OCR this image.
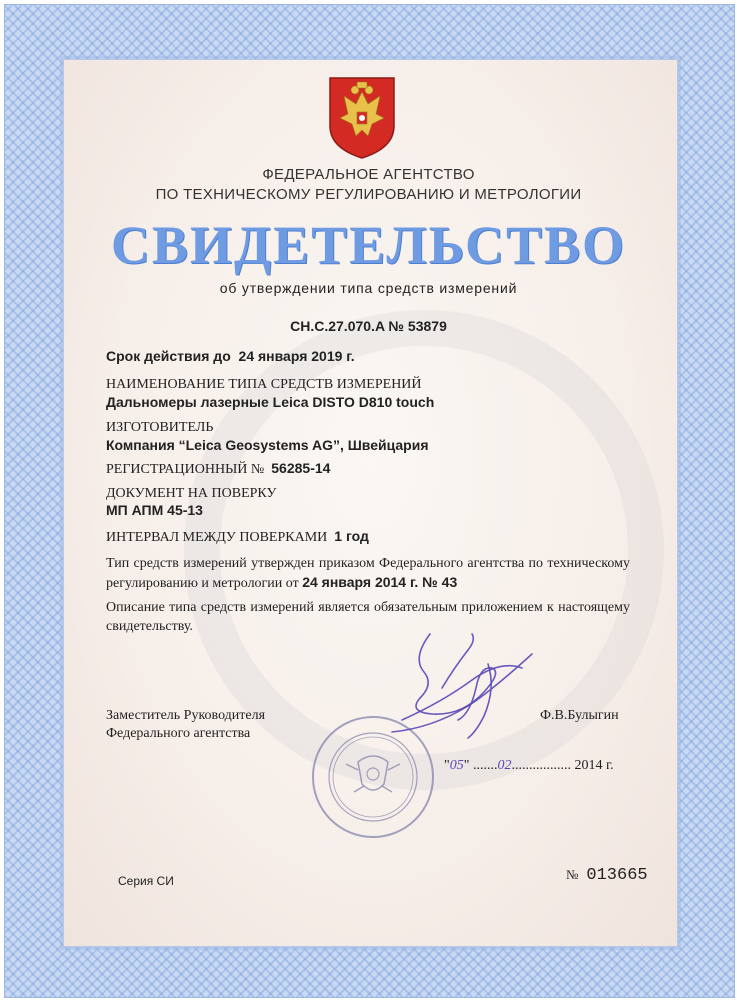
ФЕДЕРАЛЬНОЕ АГЕНТСТВО
ПО ТЕХНИЧЕСКОМУ РЕГУЛИРОВАНИЮ И МЕТРОЛОГИИ
СВИДЕТЕЛЬСТВО
об утверждении типа средств измерений
CH.C.27.070.A № 53879
Срок действия до 24 января 2019 г.
НАИМЕНОВАНИЕ ТИПА СРЕДСТВ ИЗМЕРЕНИЙ
Дальномеры лазерные Leica DISTO D810 touch
ИЗГОТОВИТЕЛЬ
Компания “Leica Geosystems AG”, Швейцария
РЕГИСТРАЦИОННЫЙ № 56285-14
ДОКУМЕНТ НА ПОВЕРКУ
МП АПМ 45-13
ИНТЕРВАЛ МЕЖДУ ПОВЕРКАМИ 1 год
Тип средств измерений утвержден приказом Федерального агентства по техническому регулированию и метрологии от 24 января 2014 г. № 43
Описание типа средств измерений является обязательным приложением к настоящему свидетельству.
Заместитель Руководителя
Федерального агентства
Ф.В.Булыгин
"05" .......02................. 2014 г.
Серия СИ	№ 013665
